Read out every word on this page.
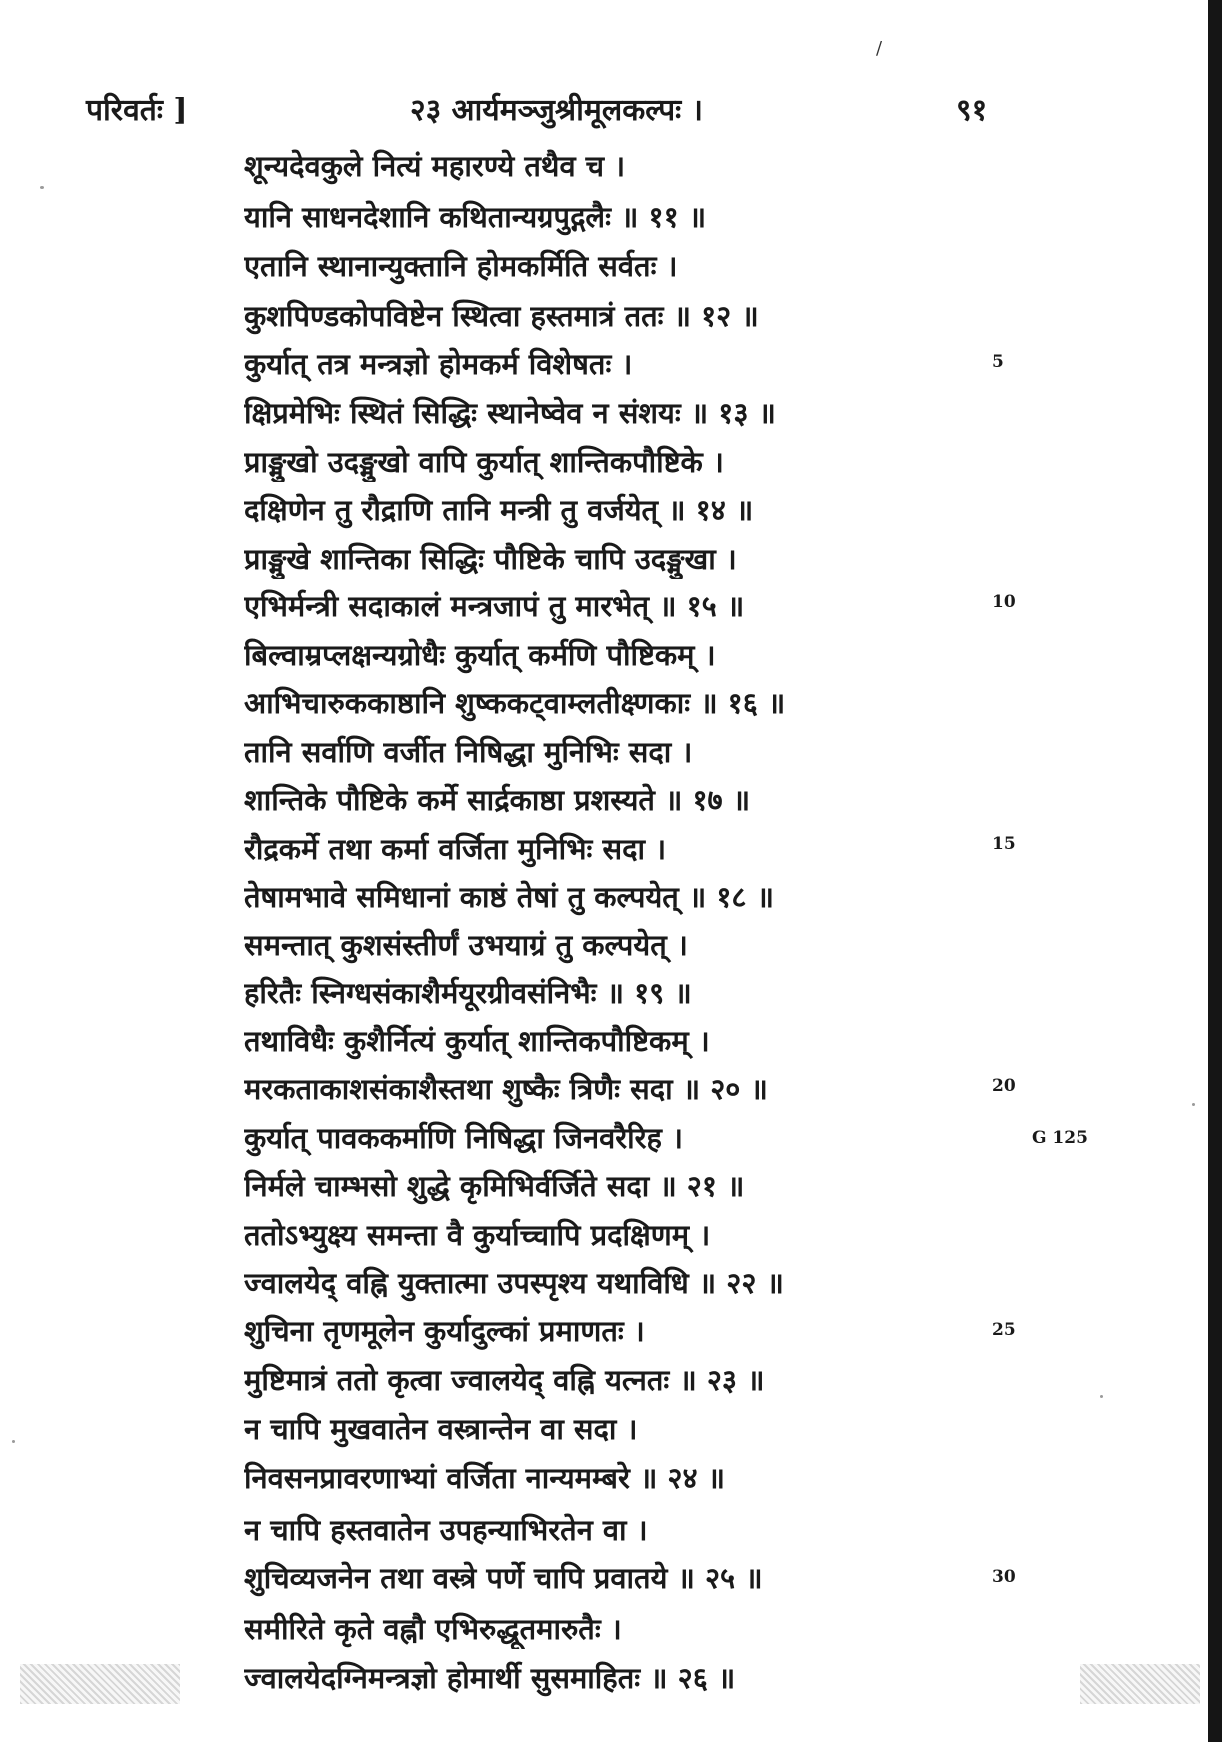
/
परिवर्तः ]	२३ आर्यमञ्जुश्रीमूलकल्पः ।	९१
शून्यदेवकुले नित्यं महारण्ये तथैव च ।
यानि साधनदेशानि कथितान्यग्रपुद्गलैः ॥ ११ ॥
एतानि स्थानान्युक्तानि होमकर्मिति सर्वतः ।
कुशपिण्डकोपविष्टेन स्थित्वा हस्तमात्रं ततः ॥ १२ ॥
कुर्यात् तत्र मन्त्रज्ञो होमकर्म विशेषतः ।
क्षिप्रमेभिः स्थितं सिद्धिः स्थानेष्वेव न संशयः ॥ १३ ॥
प्राङ्मुखो उदङ्मुखो वापि कुर्यात् शान्तिकपौष्टिके ।
दक्षिणेन तु रौद्राणि तानि मन्त्री तु वर्जयेत् ॥ १४ ॥
प्राङ्मुखे शान्तिका सिद्धिः पौष्टिके चापि उदङ्मुखा ।
एभिर्मन्त्री सदाकालं मन्त्रजापं तु मारभेत् ॥ १५ ॥
बिल्वाम्रप्लक्षन्यग्रोधैः कुर्यात् कर्मणि पौष्टिकम् ।
आभिचारुककाष्ठानि शुष्ककट्वाम्लतीक्ष्णकाः ॥ १६ ॥
तानि सर्वाणि वर्जीत निषिद्धा मुनिभिः सदा ।
शान्तिके पौष्टिके कर्मे सार्द्रकाष्ठा प्रशस्यते ॥ १७ ॥
रौद्रकर्मे तथा कर्मा वर्जिता मुनिभिः सदा ।
तेषामभावे समिधानां काष्ठं तेषां तु कल्पयेत् ॥ १८ ॥
समन्तात् कुशसंस्तीर्णं उभयाग्रं तु कल्पयेत् ।
हरितैः स्निग्धसंकाशैर्मयूरग्रीवसंनिभैः ॥ १९ ॥
तथाविधैः कुशैर्नित्यं कुर्यात् शान्तिकपौष्टिकम् ।
मरकताकाशसंकाशैस्तथा शुष्कैः त्रिणैः सदा ॥ २० ॥
कुर्यात् पावककर्माणि निषिद्धा जिनवरैरिह ।
निर्मले चाम्भसो शुद्धे कृमिभिर्वर्जिते सदा ॥ २१ ॥
ततोऽभ्युक्ष्य समन्ता वै कुर्याच्चापि प्रदक्षिणम् ।
ज्वालयेद् वह्नि युक्तात्मा उपस्पृश्य यथाविधि ॥ २२ ॥
शुचिना तृणमूलेन कुर्यादुल्कां प्रमाणतः ।
मुष्टिमात्रं ततो कृत्वा ज्वालयेद् वह्नि यत्नतः ॥ २३ ॥
न चापि मुखवातेन वस्त्रान्तेन वा सदा ।
निवसनप्रावरणाभ्यां वर्जिता नान्यमम्बरे ॥ २४ ॥
न चापि हस्तवातेन उपहन्याभिरतेन वा ।
शुचिव्यजनेन तथा वस्त्रे पर्णे चापि प्रवातये ॥ २५ ॥
समीरिते कृते वह्नौ एभिरुद्धूतमारुतैः ।
ज्वालयेदग्निमन्त्रज्ञो होमार्थी सुसमाहितः ॥ २६ ॥
5
10
15
20
25
30
G 125
